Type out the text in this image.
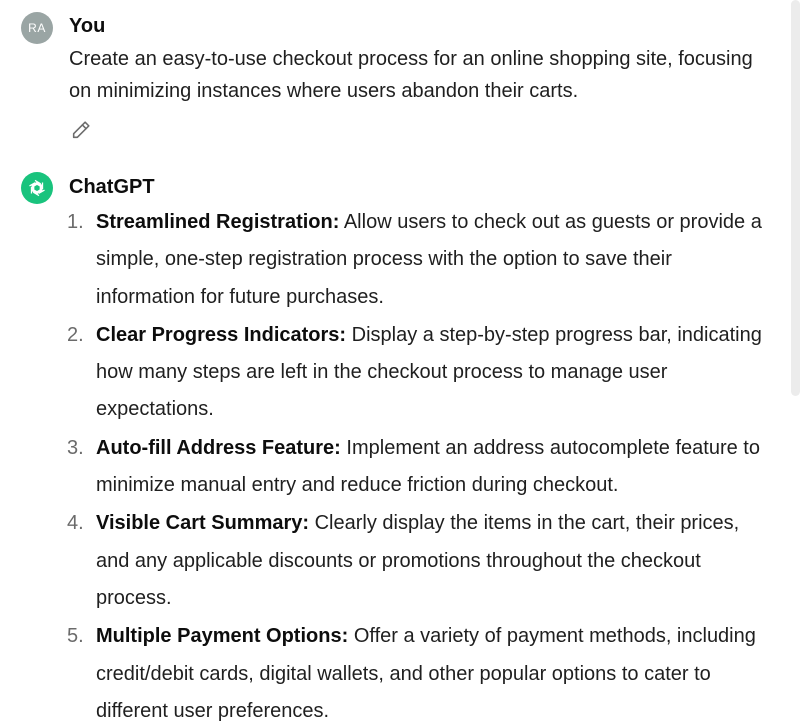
RA	You
Create an easy-to-use checkout process for an online shopping site, focusing on minimizing instances where users abandon their carts.
ChatGPT
1. Streamlined Registration: Allow users to check out as guests or provide a simple, one-step registration process with the option to save their information for future purchases.
2. Clear Progress Indicators: Display a step-by-step progress bar, indicating how many steps are left in the checkout process to manage user expectations.
3. Auto-fill Address Feature: Implement an address autocomplete feature to minimize manual entry and reduce friction during checkout.
4. Visible Cart Summary: Clearly display the items in the cart, their prices, and any applicable discounts or promotions throughout the checkout process.
5. Multiple Payment Options: Offer a variety of payment methods, including credit/debit cards, digital wallets, and other popular options to cater to different user preferences.
